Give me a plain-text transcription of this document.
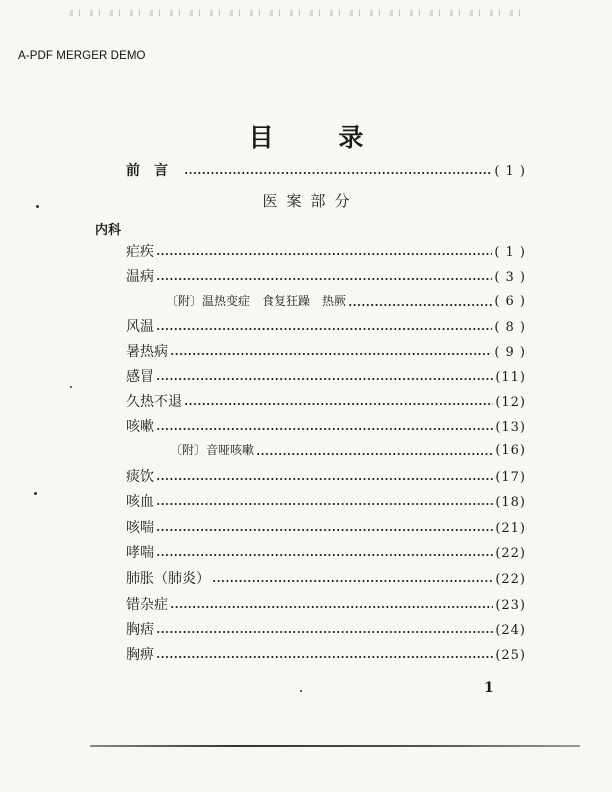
A-PDF MERGER DEMO
目 录
前言	( 1 )
医案部分
内科
疟疾	( 1 )
温病	( 3 )
〔附〕温热变症　食复狂躁　热厥	( 6 )
风温	( 8 )
暑热病	( 9 )
感冒	(11)
久热不退	(12)
咳嗽	(13)
〔附〕音哑咳嗽	(16)
痰饮	(17)
咳血	(18)
咳喘	(21)
哮喘	(22)
肺胀（肺炎）	(22)
错杂症	(23)
胸痞	(24)
胸痹	(25)
1
